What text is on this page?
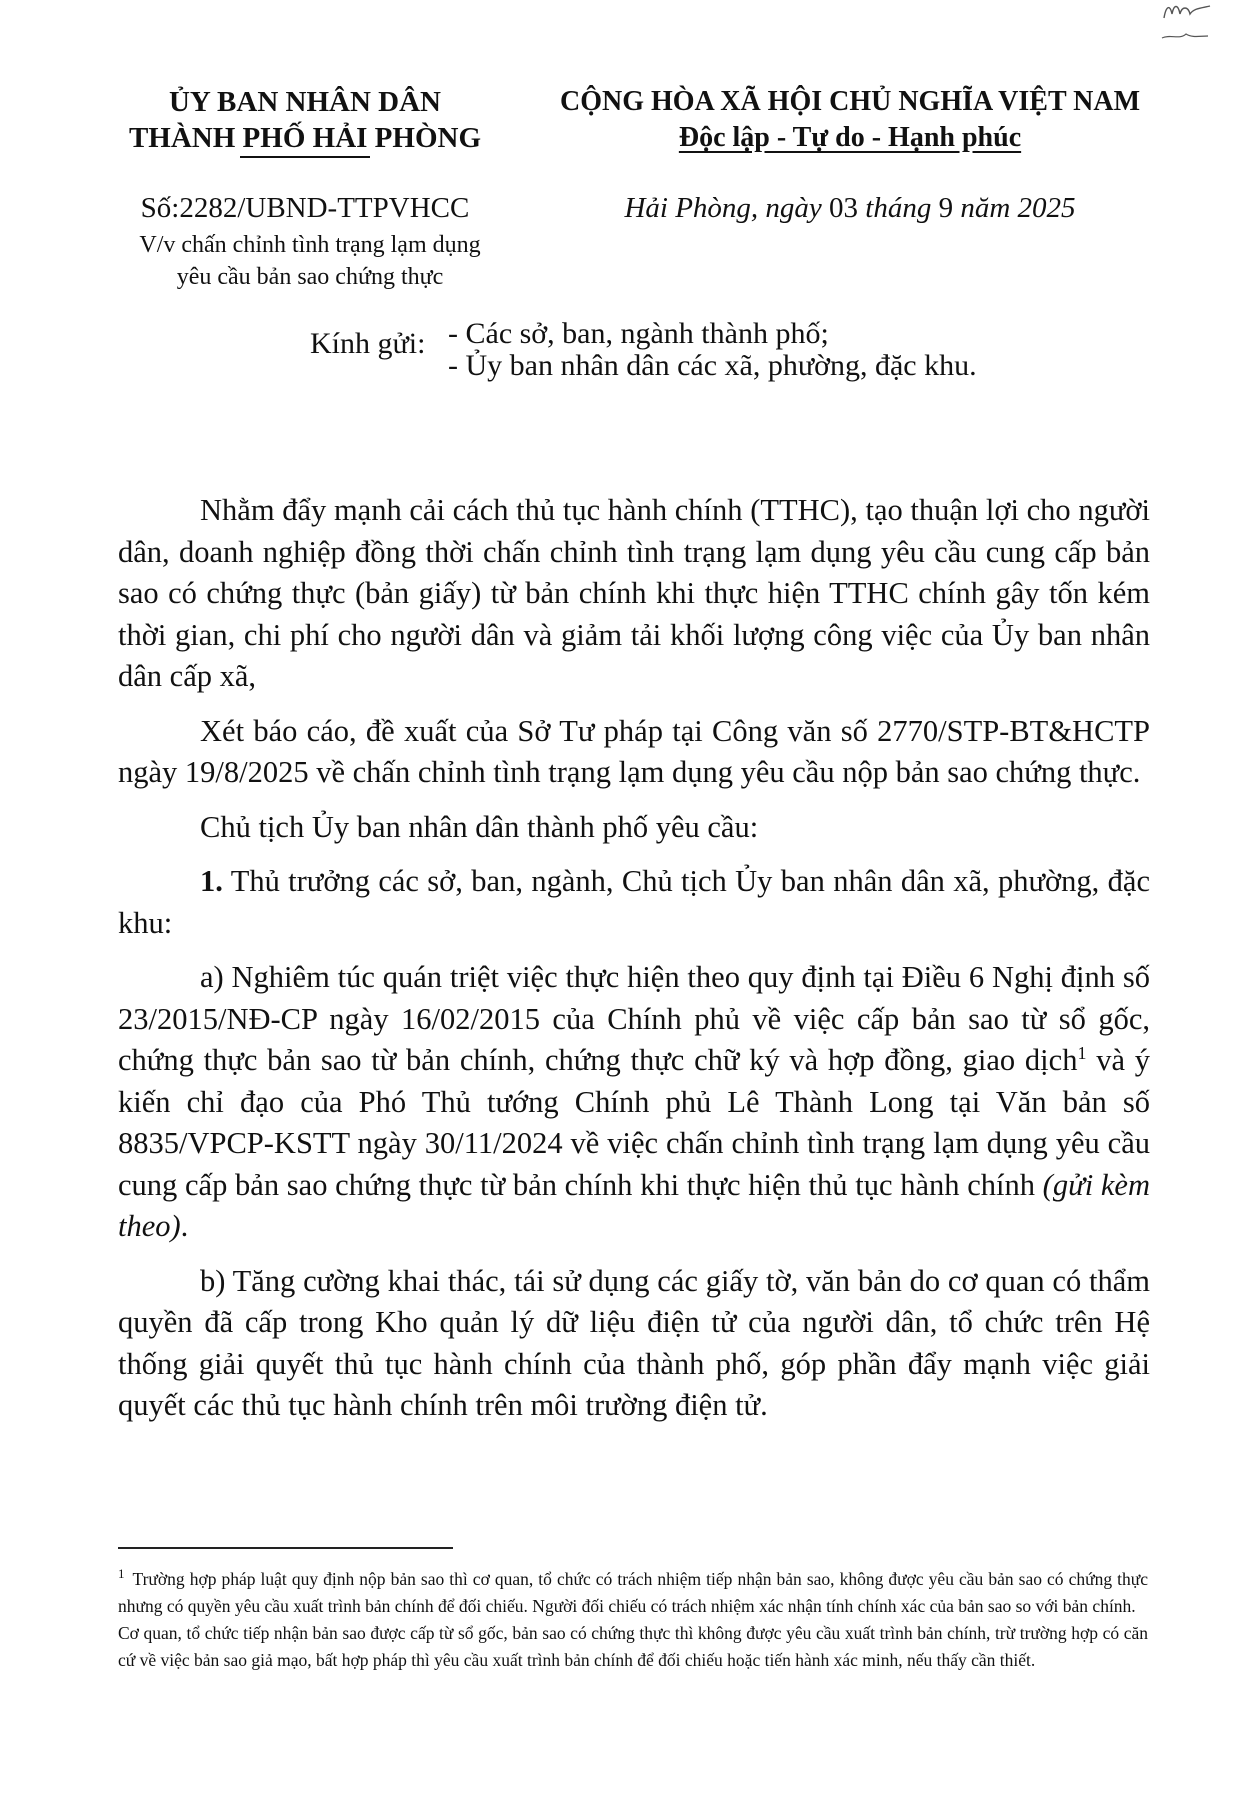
ỦY BAN NHÂN DÂN
THÀNH PHỐ HẢI PHÒNG
CỘNG HÒA XÃ HỘI CHỦ NGHĨA VIỆT NAM
Độc lập - Tự do - Hạnh phúc
Số:2282/UBND-TTPVHCC
V/v chấn chỉnh tình trạng lạm dụng
yêu cầu bản sao chứng thực
Hải Phòng, ngày 03 tháng 9 năm 2025
Kính gửi: - Các sở, ban, ngành thành phố;
- Ủy ban nhân dân các xã, phường, đặc khu.

Nhằm đẩy mạnh cải cách thủ tục hành chính (TTHC), tạo thuận lợi cho người dân, doanh nghiệp đồng thời chấn chỉnh tình trạng lạm dụng yêu cầu cung cấp bản sao có chứng thực (bản giấy) từ bản chính khi thực hiện TTHC chính gây tốn kém thời gian, chi phí cho người dân và giảm tải khối lượng công việc của Ủy ban nhân dân cấp xã,

Xét báo cáo, đề xuất của Sở Tư pháp tại Công văn số 2770/STP-BT&HCTP ngày 19/8/2025 về chấn chỉnh tình trạng lạm dụng yêu cầu nộp bản sao chứng thực.

Chủ tịch Ủy ban nhân dân thành phố yêu cầu:

1. Thủ trưởng các sở, ban, ngành, Chủ tịch Ủy ban nhân dân xã, phường, đặc khu:

a) Nghiêm túc quán triệt việc thực hiện theo quy định tại Điều 6 Nghị định số 23/2015/NĐ-CP ngày 16/02/2015 của Chính phủ về việc cấp bản sao từ sổ gốc, chứng thực bản sao từ bản chính, chứng thực chữ ký và hợp đồng, giao dịch$^1$ và ý kiến chỉ đạo của Phó Thủ tướng Chính phủ Lê Thành Long tại Văn bản số 8835/VPCP-KSTT ngày 30/11/2024 về việc chấn chỉnh tình trạng lạm dụng yêu cầu cung cấp bản sao chứng thực từ bản chính khi thực hiện thủ tục hành chính (gửi kèm theo).

b) Tăng cường khai thác, tái sử dụng các giấy tờ, văn bản do cơ quan có thẩm quyền đã cấp trong Kho quản lý dữ liệu điện tử của người dân, tổ chức trên Hệ thống giải quyết thủ tục hành chính của thành phố, góp phần đẩy mạnh việc giải quyết các thủ tục hành chính trên môi trường điện tử.

$^1$ Trường hợp pháp luật quy định nộp bản sao thì cơ quan, tổ chức có trách nhiệm tiếp nhận bản sao, không được yêu cầu bản sao có chứng thực nhưng có quyền yêu cầu xuất trình bản chính để đối chiếu. Người đối chiếu có trách nhiệm xác nhận tính chính xác của bản sao so với bản chính.

Cơ quan, tổ chức tiếp nhận bản sao được cấp từ sổ gốc, bản sao có chứng thực thì không được yêu cầu xuất trình bản chính, trừ trường hợp có căn cứ về việc bản sao giả mạo, bất hợp pháp thì yêu cầu xuất trình bản chính để đối chiếu hoặc tiến hành xác minh, nếu thấy cần thiết.
